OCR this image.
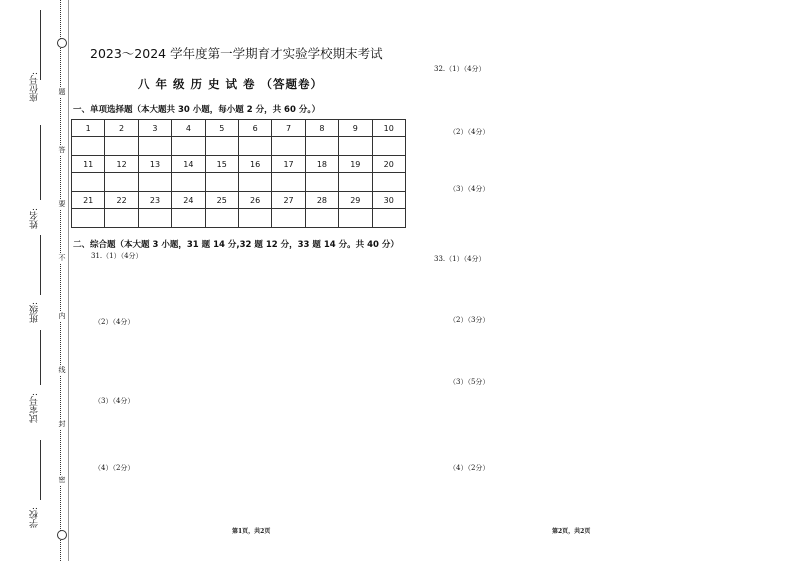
座位号:
姓名:
班级:
试室号:
学校:
题
答
要
不
内
线
封
密
2023～2024 学年度第一学期育才实验学校期末考试
八 年 级 历 史 试 卷 （答题卷）
一、单项选择题（本大题共 30 小题，每小题 2 分，共 60 分。）
1	2	3	4	5	6	7	8	9	10

11	12	13	14	15	16	17	18	19	20

21	22	23	24	25	26	27	28	29	30

二、综合题（本大题 3 小题，31 题 14 分,32 题 12 分，33 题 14 分。共 40 分）
31.（1）（4分）
（2）（4分）
（3）（4分）
（4）（2分）
32.（1）（4分）
（2）（4分）
（3）（4分）
33.（1）（4分）
（2）（3分）
（3）（5分）
（4）（2分）
第1页，共2页	第2页，共2页
